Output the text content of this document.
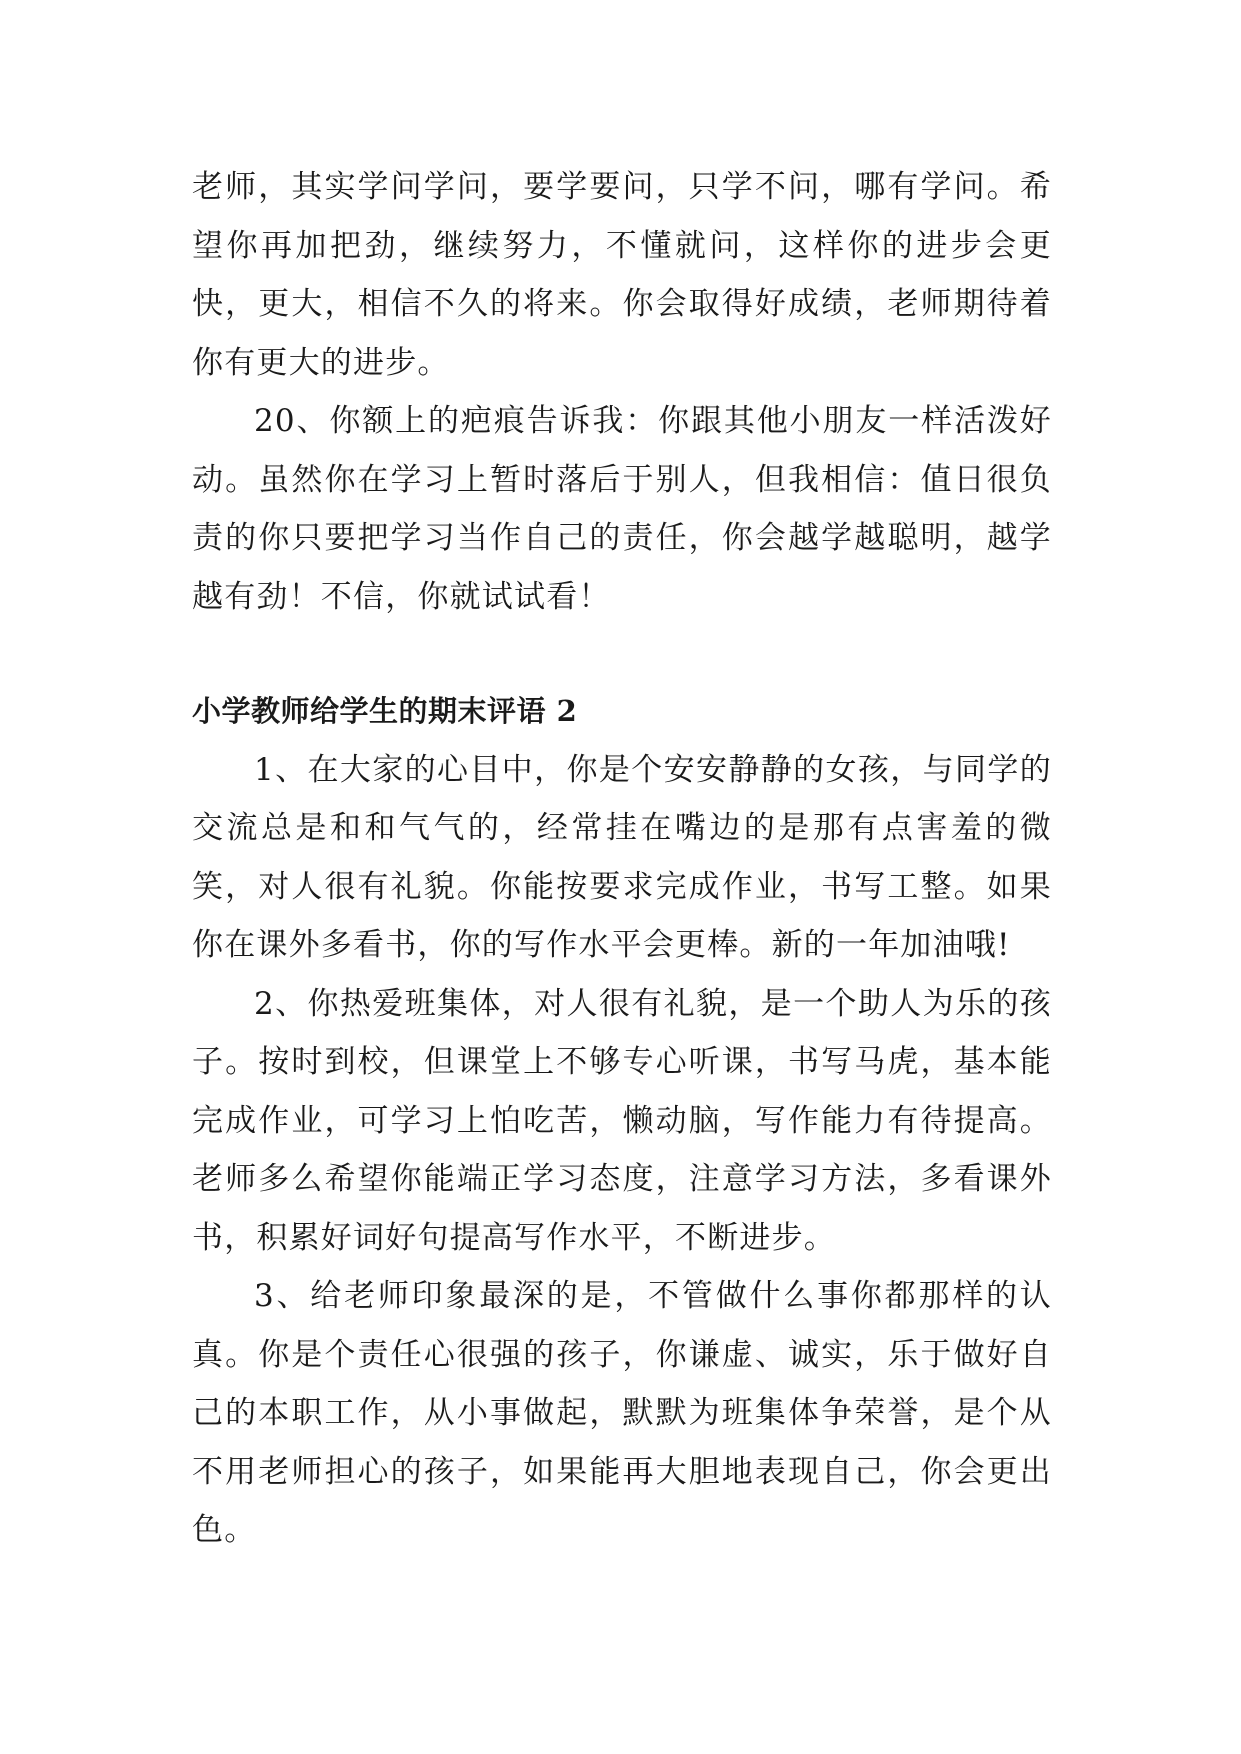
老师，其实学问学问，要学要问，只学不问，哪有学问。希望你再加把劲，继续努力，不懂就问，这样你的进步会更快，更大，相信不久的将来。你会取得好成绩，老师期待着你有更大的进步。

20、你额上的疤痕告诉我：你跟其他小朋友一样活泼好动。虽然你在学习上暂时落后于别人，但我相信：值日很负责的你只要把学习当作自己的责任，你会越学越聪明，越学越有劲！不信，你就试试看！

小学教师给学生的期末评语 2

1、在大家的心目中，你是个安安静静的女孩，与同学的交流总是和和气气的，经常挂在嘴边的是那有点害羞的微笑，对人很有礼貌。你能按要求完成作业，书写工整。如果你在课外多看书，你的写作水平会更棒。新的一年加油哦!

2、你热爱班集体，对人很有礼貌，是一个助人为乐的孩子。按时到校，但课堂上不够专心听课，书写马虎，基本能完成作业，可学习上怕吃苦，懒动脑，写作能力有待提高。老师多么希望你能端正学习态度，注意学习方法，多看课外书，积累好词好句提高写作水平，不断进步。

3、给老师印象最深的是，不管做什么事你都那样的认真。你是个责任心很强的孩子，你谦虚、诚实，乐于做好自己的本职工作，从小事做起，默默为班集体争荣誉，是个从不用老师担心的孩子，如果能再大胆地表现自己，你会更出色。
